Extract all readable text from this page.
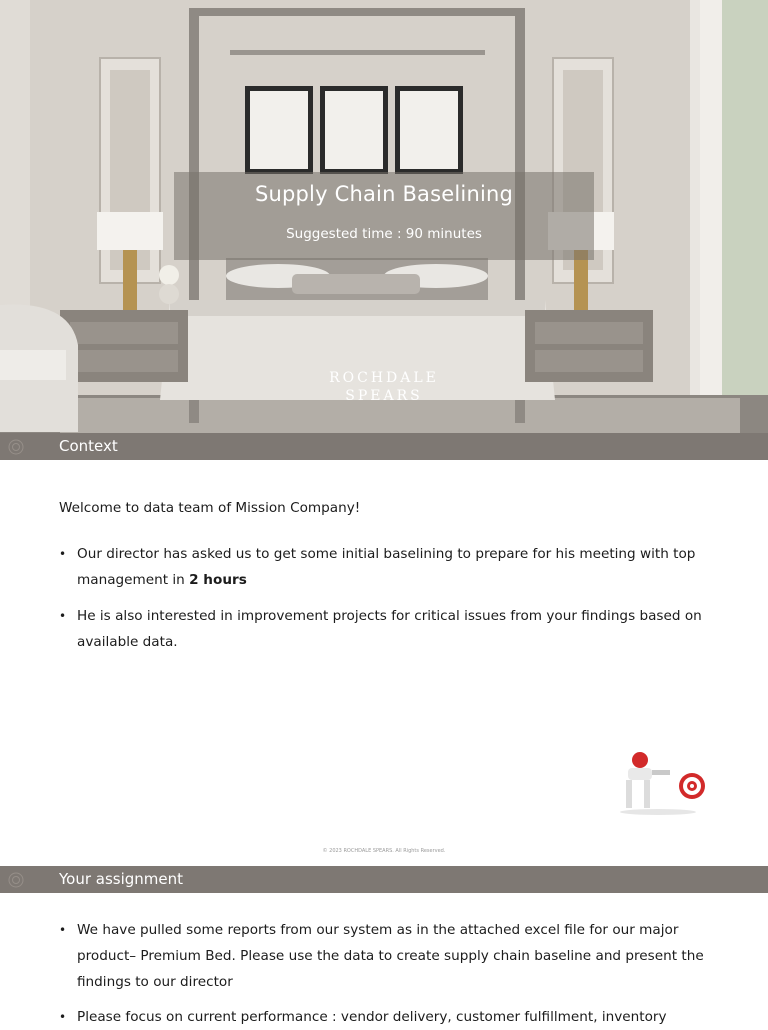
Supply Chain Baselining
Suggested time : 90 minutes
ROCHDALE
SPEARS
Context
Welcome to data team of Mission Company!
• Our director has asked us to get some initial baselining to prepare for his meeting with top management in 2 hours
• He is also interested in improvement projects for critical issues from your findings based on available data.
© 2023 ROCHDALE SPEARS. All Rights Reserved.
Your assignment
• We have pulled some reports from our system as in the attached excel file for our major product– Premium Bed. Please use the data to create supply chain baseline and present the findings to our director
• Please focus on current performance : vendor delivery, customer fulfillment, inventory
